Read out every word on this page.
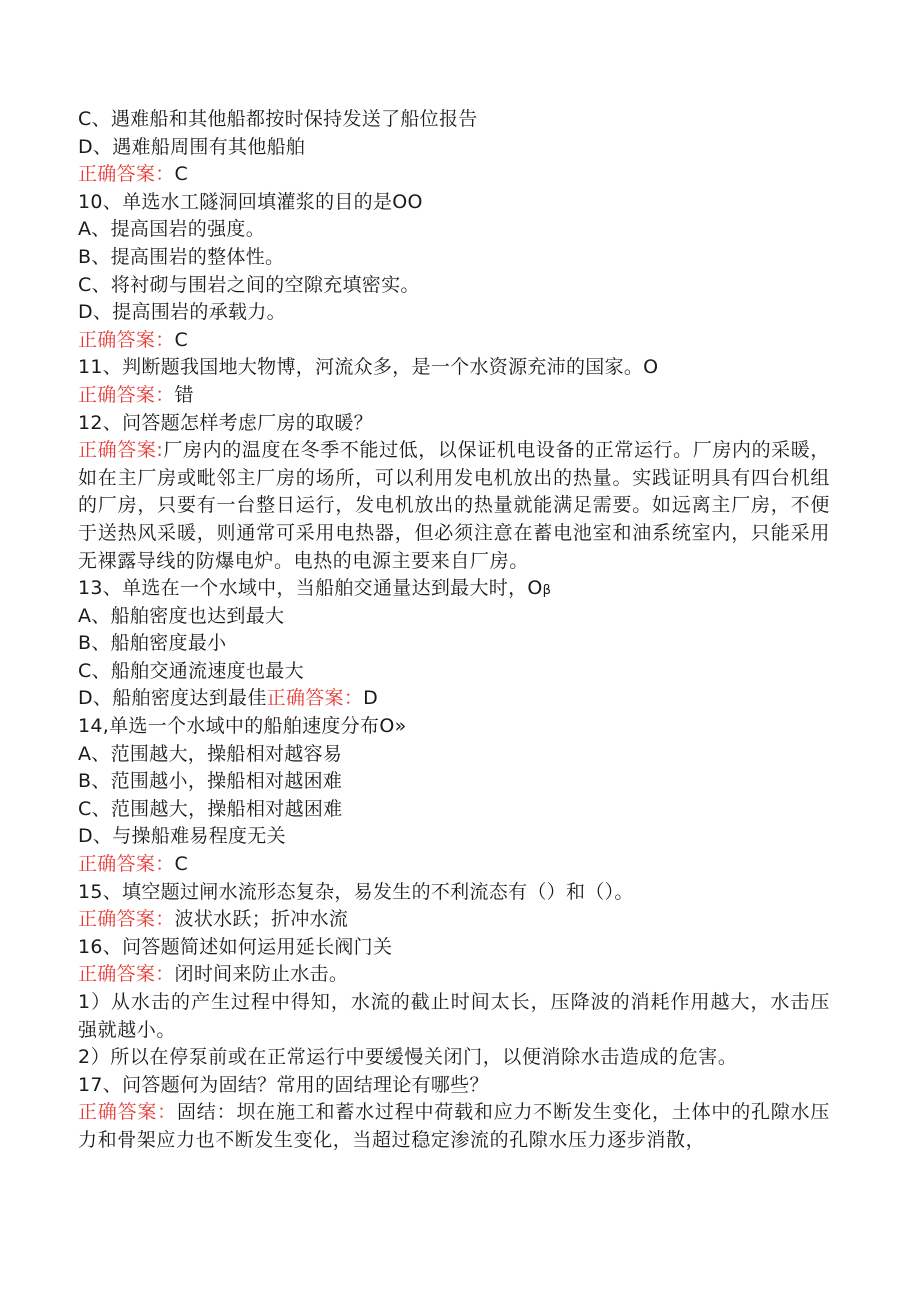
C、遇难船和其他船都按时保持发送了船位报告
D、遇难船周围有其他船舶
正确答案：C
10、单选水工隧洞回填灌浆的目的是OO
A、提高国岩的强度。
B、提高围岩的整体性。
C、将衬砌与围岩之间的空隙充填密实。
D、提高围岩的承载力。
正确答案：C
11、判断题我国地大物博，河流众多，是一个水资源充沛的国家。O
正确答案：错
12、问答题怎样考虑厂房的取暖？
正确答案:厂房内的温度在冬季不能过低，以保证机电设备的正常运行。厂房内的采暖，如在主厂房或毗邻主厂房的场所，可以利用发电机放出的热量。实践证明具有四台机组的厂房，只要有一台整日运行，发电机放出的热量就能满足需要。如远离主厂房，不便于送热风采暖，则通常可采用电热器，但必须注意在蓄电池室和油系统室内，只能采用无裸露导线的防爆电炉。电热的电源主要来自厂房。
13、单选在一个水域中，当船舶交通量达到最大时，Oβ
A、船舶密度也达到最大
B、船舶密度最小
C、船舶交通流速度也最大
D、船舶密度达到最佳正确答案：D
14,单选一个水域中的船舶速度分布O»
A、范围越大，操船相对越容易
B、范围越小，操船相对越困难
C、范围越大，操船相对越困难
D、与操船难易程度无关
正确答案：C
15、填空题过闸水流形态复杂，易发生的不利流态有（）和（）。
正确答案：波状水跃；折冲水流
16、问答题简述如何运用延长阀门关
正确答案：闭时间来防止水击。
1）从水击的产生过程中得知，水流的截止时间太长，压降波的消耗作用越大，水击压强就越小。
2）所以在停泵前或在正常运行中要缓慢关闭门，以便消除水击造成的危害。
17、问答题何为固结？常用的固结理论有哪些？
正确答案：固结：坝在施工和蓄水过程中荷载和应力不断发生变化，土体中的孔隙水压力和骨架应力也不断发生变化，当超过稳定渗流的孔隙水压力逐步消散，
